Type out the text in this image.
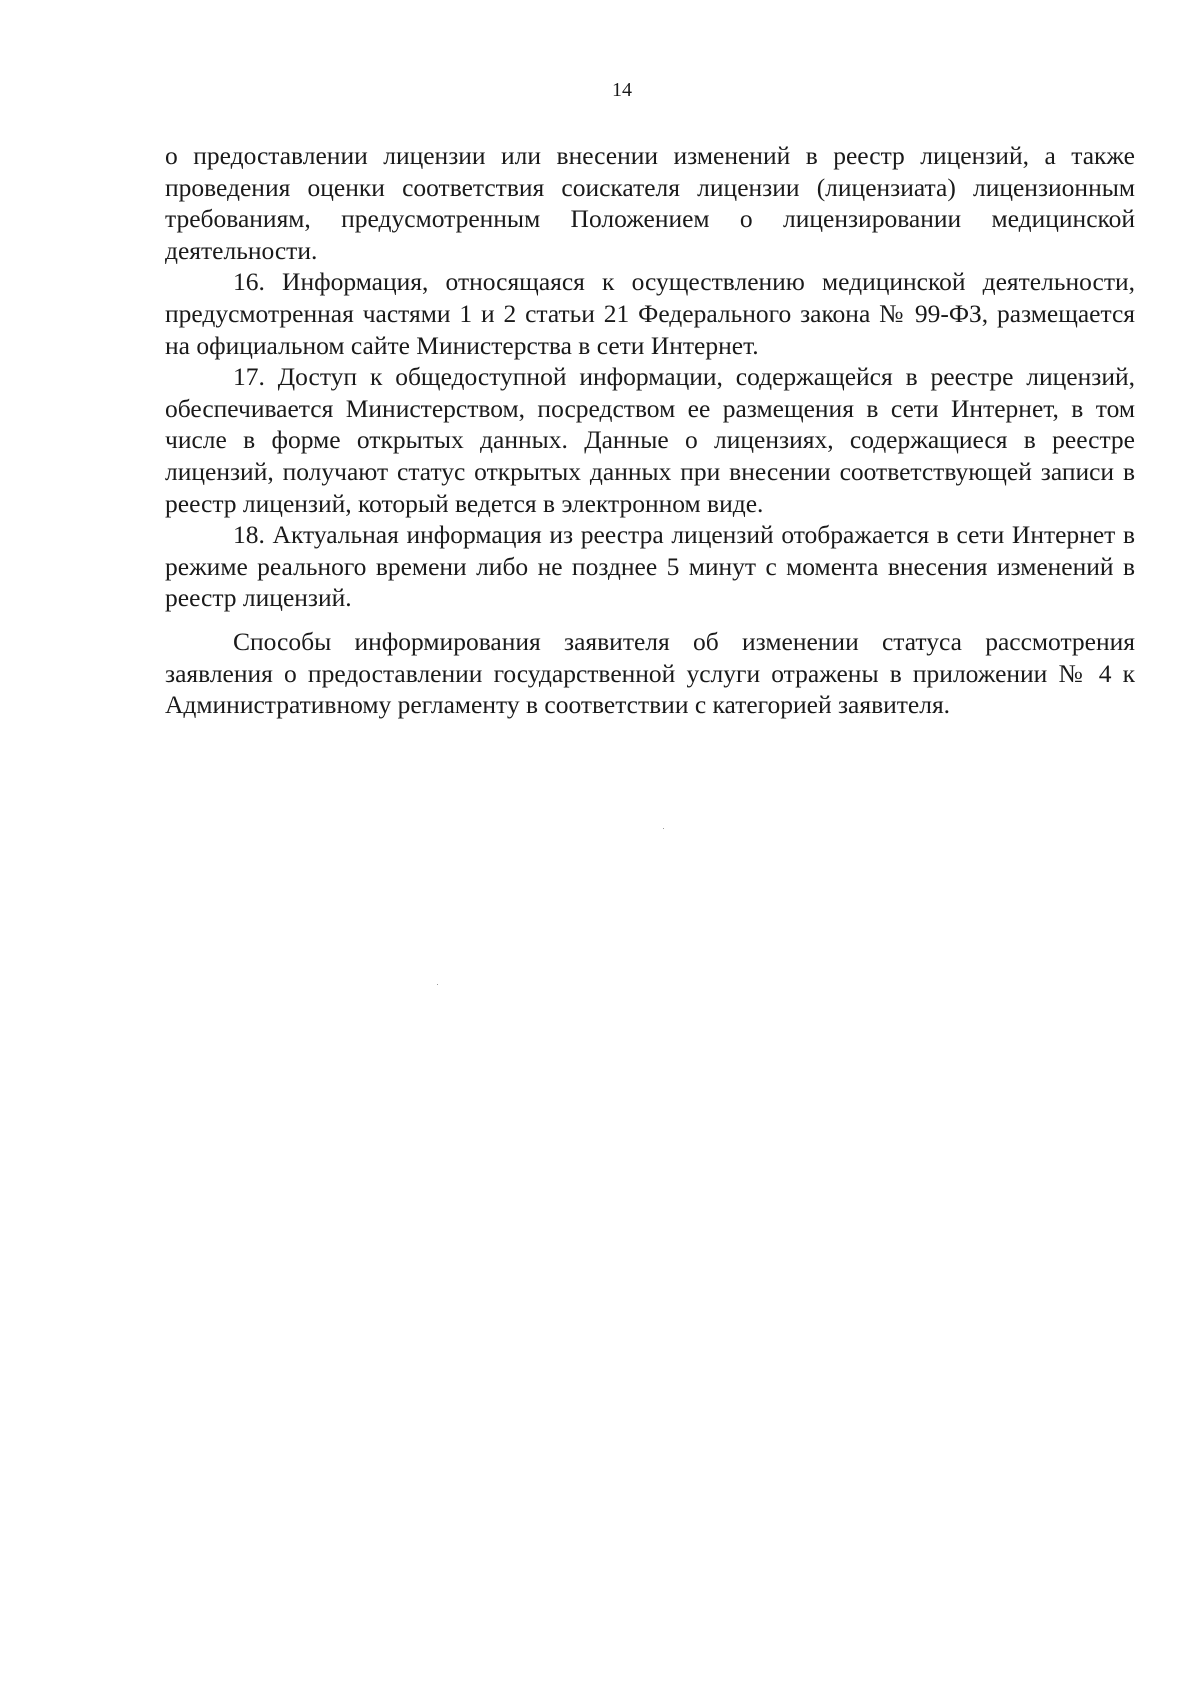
14

о предоставлении лицензии или внесении изменений в реестр лицензий, а также проведения оценки соответствия соискателя лицензии (лицензиата) лицензионным требованиям, предусмотренным Положением о лицензировании медицинской деятельности.

16. Информация, относящаяся к осуществлению медицинской деятельности, предусмотренная частями 1 и 2 статьи 21 Федерального закона № 99-ФЗ, размещается на официальном сайте Министерства в сети Интернет.

17. Доступ к общедоступной информации, содержащейся в реестре лицензий, обеспечивается Министерством, посредством ее размещения в сети Интернет, в том числе в форме открытых данных. Данные о лицензиях, содержащиеся в реестре лицензий, получают статус открытых данных при внесении соответствующей записи в реестр лицензий, который ведется в электронном виде.

18. Актуальная информация из реестра лицензий отображается в сети Интернет в режиме реального времени либо не позднее 5 минут с момента внесения изменений в реестр лицензий.

Способы информирования заявителя об изменении статуса рассмотрения заявления о предоставлении государственной услуги отражены в приложении № 4 к Административному регламенту в соответствии с категорией заявителя.
